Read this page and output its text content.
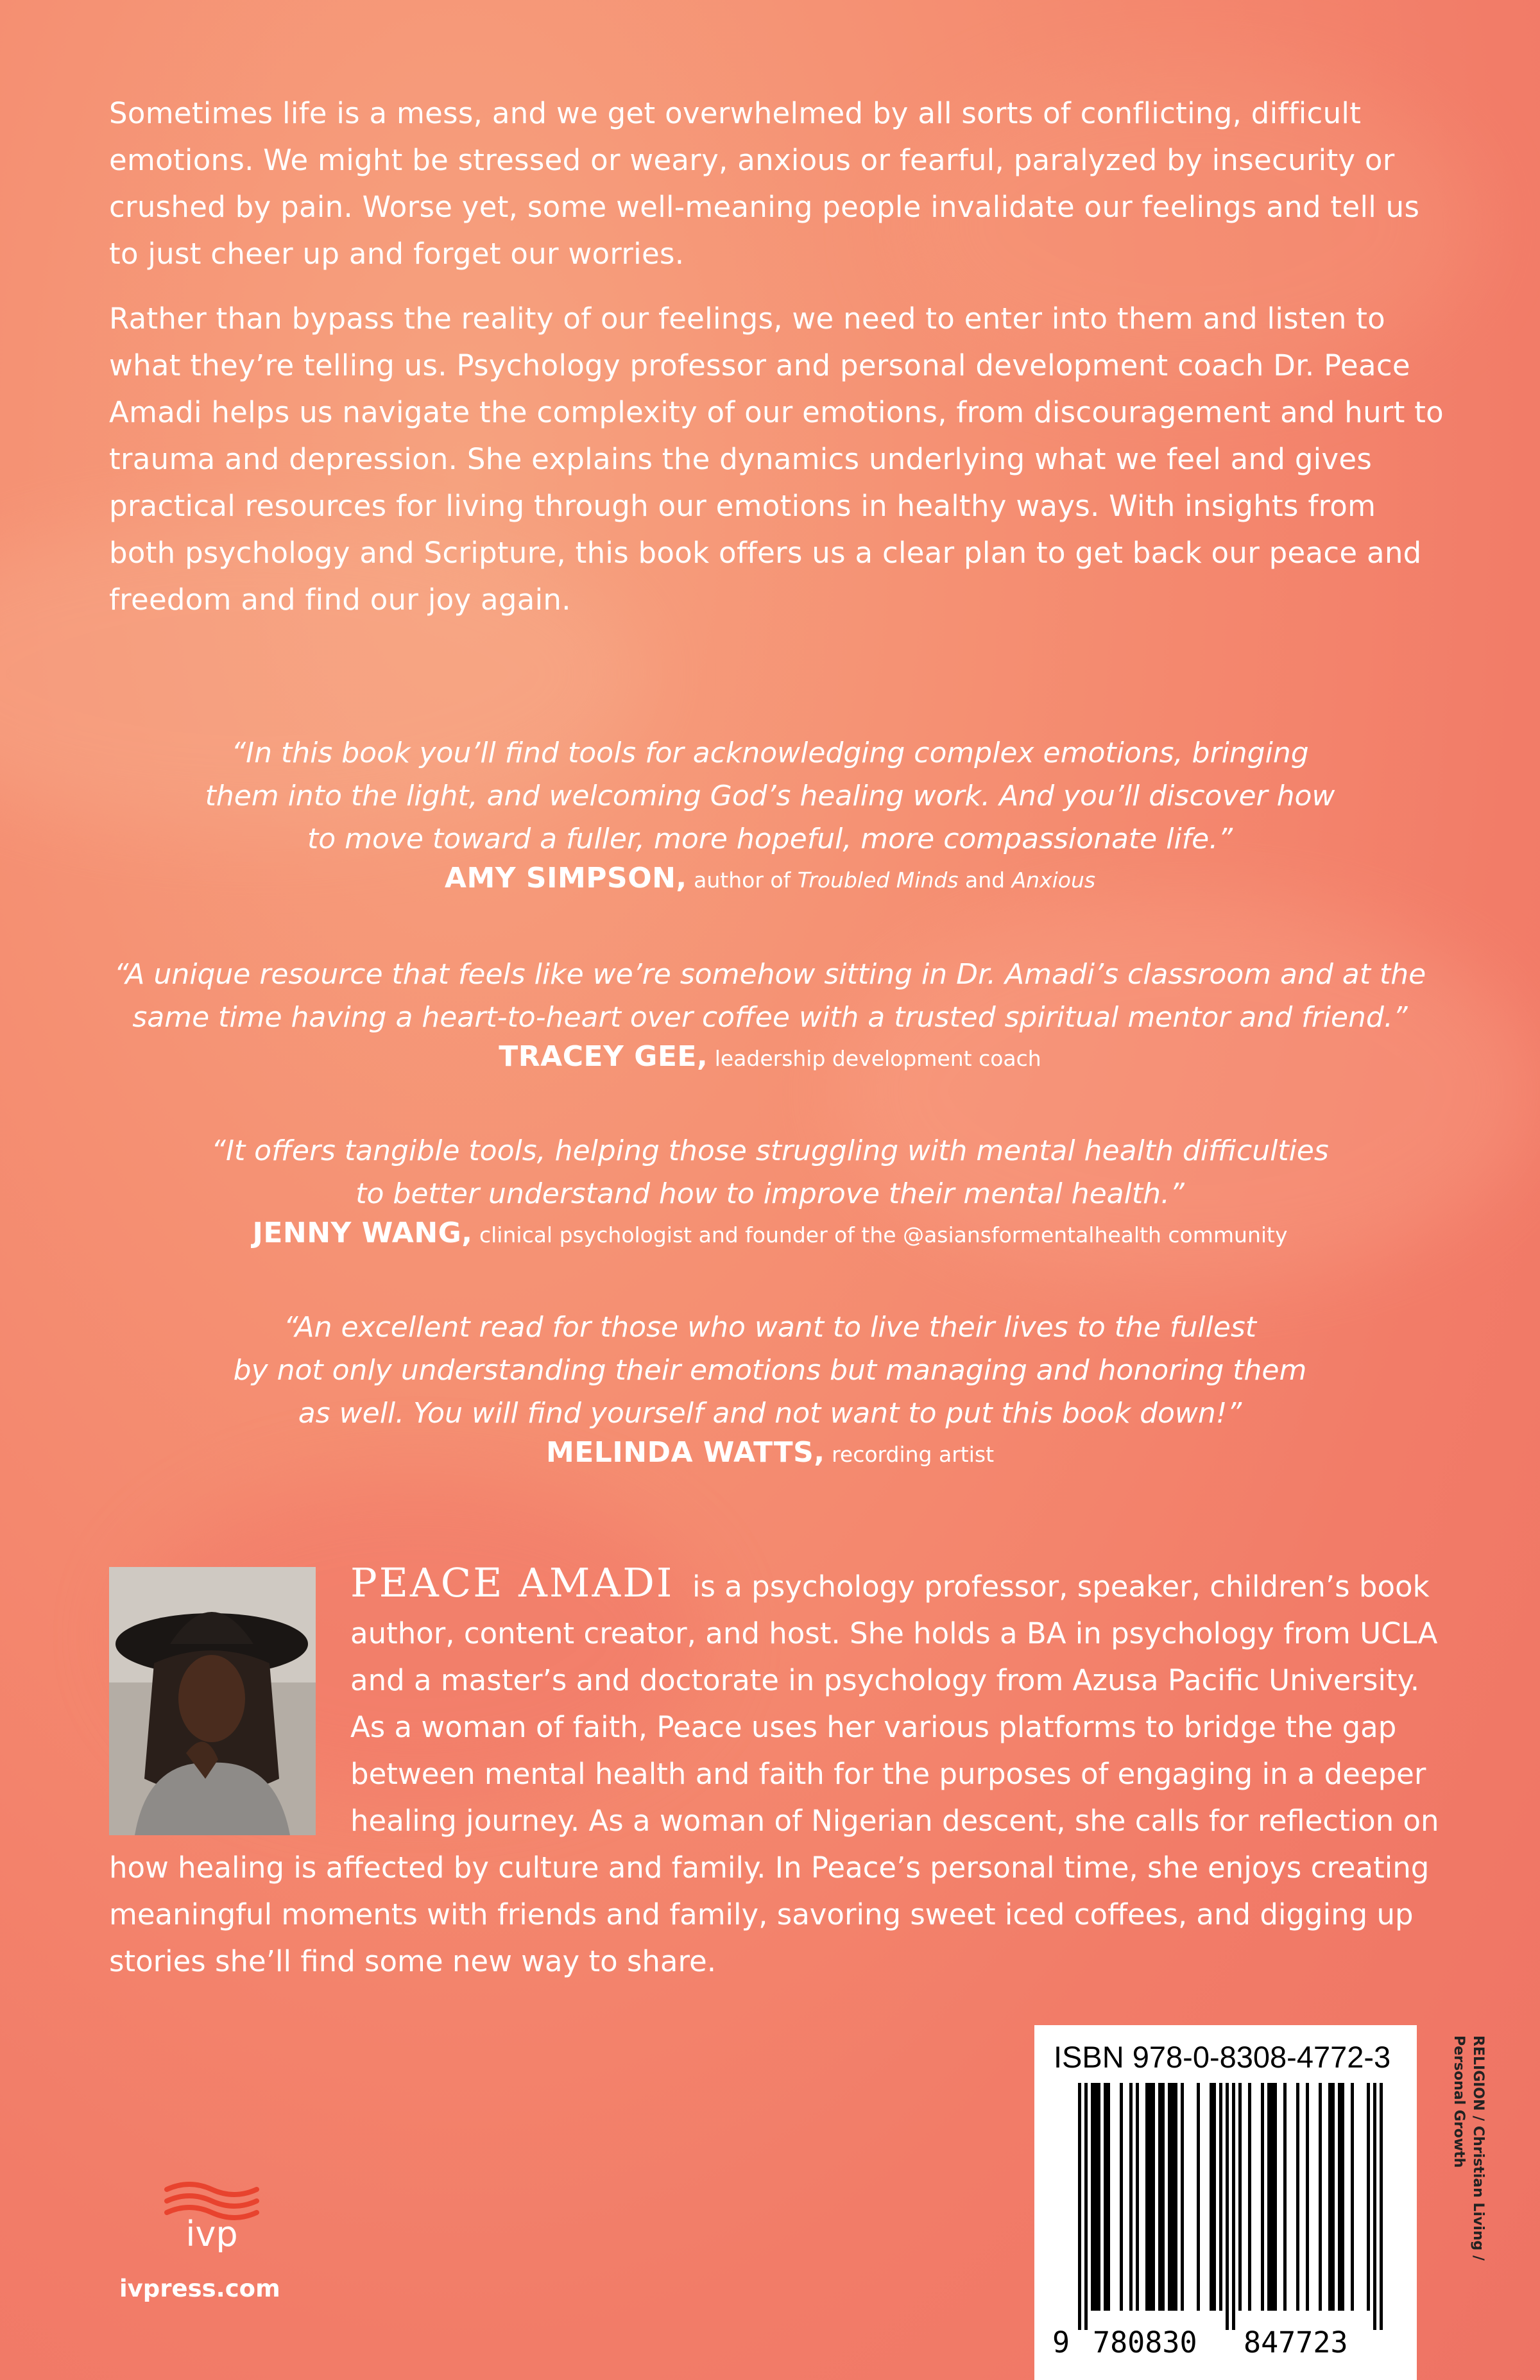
Sometimes life is a mess, and we get overwhelmed by all sorts of conflicting, difficult emotions. We might be stressed or weary, anxious or fearful, paralyzed by insecurity or crushed by pain. Worse yet, some well-meaning people invalidate our feelings and tell us to just cheer up and forget our worries.

Rather than bypass the reality of our feelings, we need to enter into them and listen to what they’re telling us. Psychology professor and personal development coach Dr. Peace Amadi helps us navigate the complexity of our emotions, from discouragement and hurt to trauma and depression. She explains the dynamics underlying what we feel and gives practical resources for living through our emotions in healthy ways. With insights from both psychology and Scripture, this book offers us a clear plan to get back our peace and freedom and find our joy again.

“In this book you’ll find tools for acknowledging complex emotions, bringing
them into the light, and welcoming God’s healing work. And you’ll discover how
to move toward a fuller, more hopeful, more compassionate life.”

AMY SIMPSON, author of Troubled Minds and Anxious

“A unique resource that feels like we’re somehow sitting in Dr. Amadi’s classroom and at the
same time having a heart-to-heart over coffee with a trusted spiritual mentor and friend.”

TRACEY GEE, leadership development coach

“It offers tangible tools, helping those struggling with mental health difficulties
to better understand how to improve their mental health.”

JENNY WANG, clinical psychologist and founder of the @asiansformentalhealth community

“An excellent read for those who want to live their lives to the fullest
by not only understanding their emotions but managing and honoring them
as well. You will find yourself and not want to put this book down!”

MELINDA WATTS, recording artist

PEACE AMADI is a psychology professor, speaker, children’s book author, content creator, and host. She holds a BA in psychology from UCLA and a master’s and doctorate in psychology from Azusa Pacific University. As a woman of faith, Peace uses her various platforms to bridge the gap between mental health and faith for the purposes of engaging in a deeper healing journey. As a woman of Nigerian descent, she calls for reflection on how healing is affected by culture and family. In Peace’s personal time, she enjoys creating meaningful moments with friends and family, savoring sweet iced coffees, and digging up stories she’ll find some new way to share.

ISBN 978-0-8308-4772-3
9 780830 847723
RELIGION / Christian Living /
Personal Growth
ivp

ivpress.com
